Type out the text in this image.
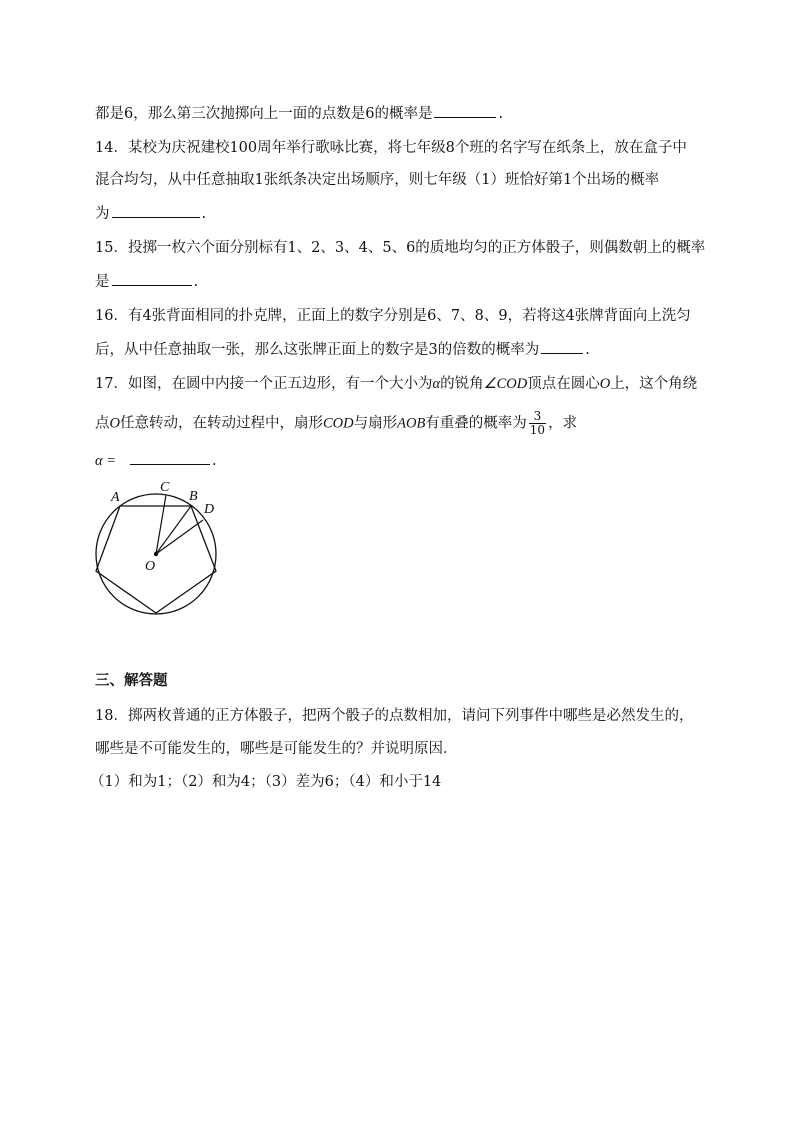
都是6，那么第三次抛掷向上一面的点数是6的概率是	.
14．某校为庆祝建校100周年举行歌咏比赛，将七年级8个班的名字写在纸条上，放在盒子中
混合均匀，从中任意抽取1张纸条决定出场顺序，则七年级（1）班恰好第1个出场的概率
为	.
15．投掷一枚六个面分别标有1、2、3、4、5、6的质地均匀的正方体骰子，则偶数朝上的概率
是	.
16．有4张背面相同的扑克牌，正面上的数字分别是6、7、8、9，若将这4张牌背面向上洗匀
后，从中任意抽取一张，那么这张牌正面上的数字是3的倍数的概率为	.
17．如图，在圆中内接一个正五边形，有一个大小为α的锐角∠COD顶点在圆心O上，这个角绕
点O任意转动，在转动过程中，扇形COD与扇形AOB有重叠的概率为 $\frac{3}{10}$ ，求
α =	.
A
C
B
D
O
三、解答题
18．掷两枚普通的正方体骰子，把两个骰子的点数相加，请问下列事件中哪些是必然发生的，
哪些是不可能发生的，哪些是可能发生的？并说明原因．
（1）和为1；（2）和为4；（3）差为6；（4）和小于14
